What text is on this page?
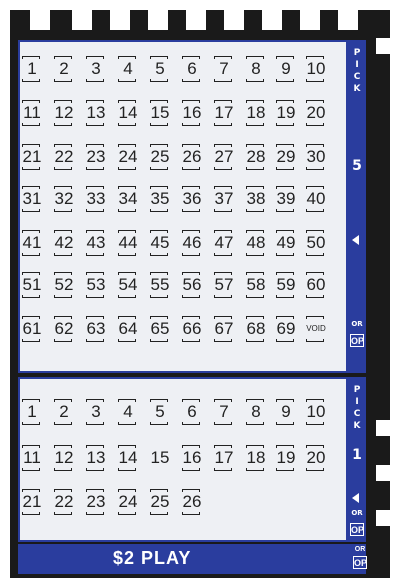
1	2	3	4	5	6	7	8	9 10
11 12 13 14 15 16 17 18 19 20
21 22 23 24 25 26 27 28 29 30
31 32 33 34 35 36 37 38 39 40
41 42 43 44 45 46 47 48 49 50
51 52 53 54 55 56 57 58 59 60
61 62 63 64 65 66 67 68 69	VOID
P
I
C
K
5
OR
OP
1	2	3	4	5	6	7	8	9 10
11 12 13 14 15 16 17 18 19 20
21 22 23 24 25 26
P
I
C
K
1
OR
OP
$2 PLAY	OR
OP
